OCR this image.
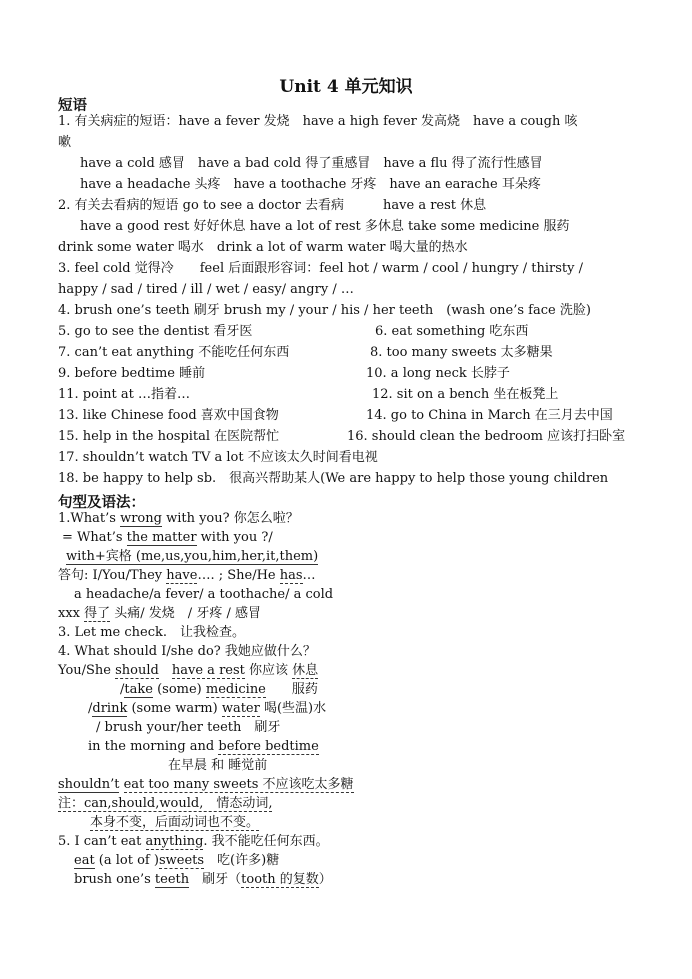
Unit 4 单元知识
短语
1. 有关病症的短语：have a fever 发烧　have a high fever 发高烧　have a cough 咳
嗽
have a cold 感冒　have a bad cold 得了重感冒　have a flu 得了流行性感冒
have a headache 头疼　have a toothache 牙疼　have an earache 耳朵疼
2. 有关去看病的短语 go to see a doctor 去看病　　　have a rest 休息
have a good rest 好好休息 have a lot of rest 多休息 take some medicine 服药
drink some water 喝水　drink a lot of warm water 喝大量的热水
3. feel cold 觉得冷　　feel 后面跟形容词：feel hot / warm / cool / hungry / thirsty /
happy / sad / tired / ill / wet / easy/ angry / …
4. brush one’s teeth 刷牙 brush my / your / his / her teeth　(wash one’s face 洗脸)
5. go to see the dentist 看牙医	6. eat something 吃东西
7. can’t eat anything 不能吃任何东西	8. too many sweets 太多糖果
9. before bedtime 睡前	10. a long neck 长脖子
11. point at …指着…	12. sit on a bench 坐在板凳上
13. like Chinese food 喜欢中国食物	14. go to China in March 在三月去中国
15. help in the hospital 在医院帮忙	16. should clean the bedroom 应该打扫卧室
17. shouldn’t watch TV a lot 不应该太久时间看电视
18. be happy to help sb.　很高兴帮助某人(We are happy to help those young children
句型及语法：
1.What’s wrong with you? 你怎么啦？
= What’s the matter with you ?/
with+宾格 (me,us,you,him,her,it,them)
答句: I/You/They have…. ; She/He has…
a headache/a fever/ a toothache/ a cold
xxx 得了 头痛/ 发烧　/ 牙疼 / 感冒
3. Let me check.　让我检查。
4. What should I/she do? 我她应做什么？
You/She should　 have a rest 你应该 休息
/take (some) medicine　　服药
/drink (some warm) water 喝(些温)水
/ brush your/her teeth　刷牙
in the morning and before bedtime
在早晨 和 睡觉前
shouldn’t eat too many sweets 不应该吃太多糖
注：can,should,would,　情态动词,
本身不变，后面动词也不变。
5. I can’t eat anything. 我不能吃任何东西。
eat (a lot of )sweets　吃(许多)糖
brush one’s teeth　刷牙（tooth 的复数）
